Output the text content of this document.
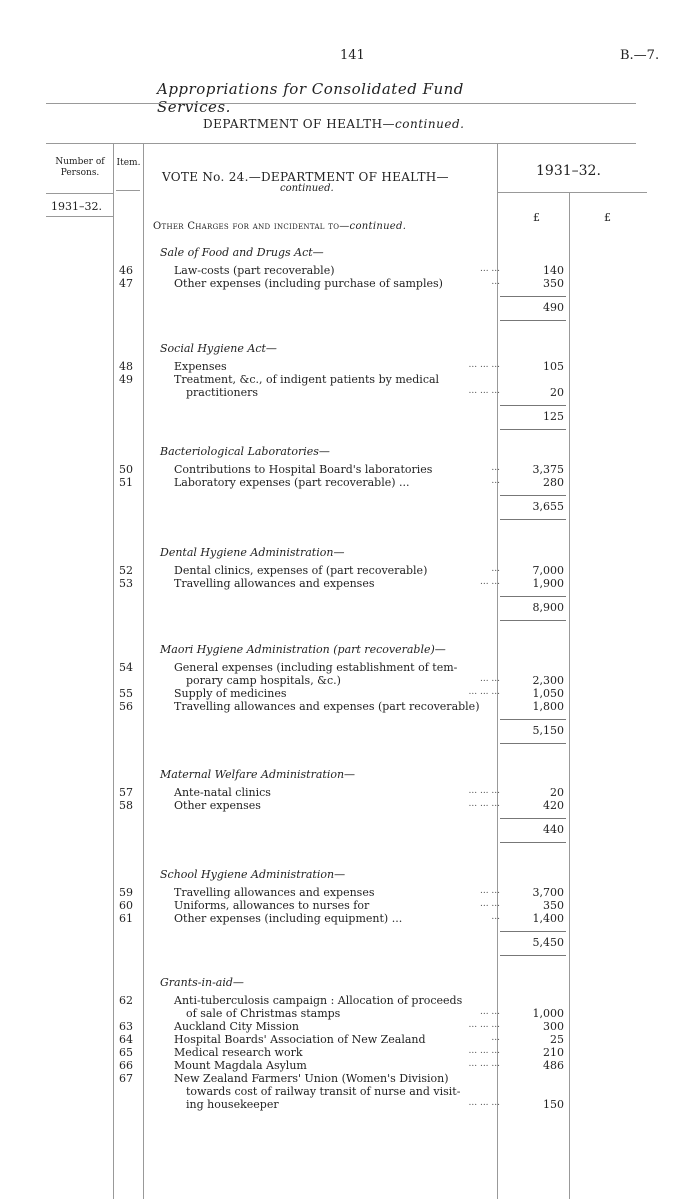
141	B.—7.
Appropriations for Consolidated Fund Services.
DEPARTMENT OF HEALTH—continued.
Number of Persons.
Item.
VOTE No. 24.—DEPARTMENT OF HEALTH—
continued.
1931–32.
1931–32.
£	£
Other Charges for and incidental to—continued.
Sale of Food and Drugs Act—
46	Law-costs (part recoverable)	... ...	140
47	Other expenses (including purchase of samples)	...	350
490
Social Hygiene Act—
48	Expenses	... ... ...	105
49	Treatment, &c., of indigent patients by medical
practitioners	... ... ...	20
125
Bacteriological Laboratories—
50	Contributions to Hospital Board's laboratories	...	3,375
51	Laboratory expenses (part recoverable) ...	...	280
3,655
Dental Hygiene Administration—
52	Dental clinics, expenses of (part recoverable)	...	7,000
53	Travelling allowances and expenses	... ...	1,900
8,900
Maori Hygiene Administration (part recoverable)—
54	General expenses (including establishment of tem-
porary camp hospitals, &c.)	... ...	2,300
55	Supply of medicines	... ... ...	1,050
56	Travelling allowances and expenses (part recoverable)	1,800
5,150
Maternal Welfare Administration—
57	Ante-natal clinics	... ... ...	20
58	Other expenses	... ... ...	420
440
School Hygiene Administration—
59	Travelling allowances and expenses	... ...	3,700
60	Uniforms, allowances to nurses for	... ...	350
61	Other expenses (including equipment) ...	...	1,400
5,450
Grants-in-aid—
62	Anti-tuberculosis campaign : Allocation of proceeds
of sale of Christmas stamps	... ...	1,000
63	Auckland City Mission	... ... ...	300
64	Hospital Boards' Association of New Zealand	...	25
65	Medical research work	... ... ...	210
66	Mount Magdala Asylum	... ... ...	486
67	New Zealand Farmers' Union (Women's Division)
towards cost of railway transit of nurse and visit-
ing housekeeper	... ... ...	150
